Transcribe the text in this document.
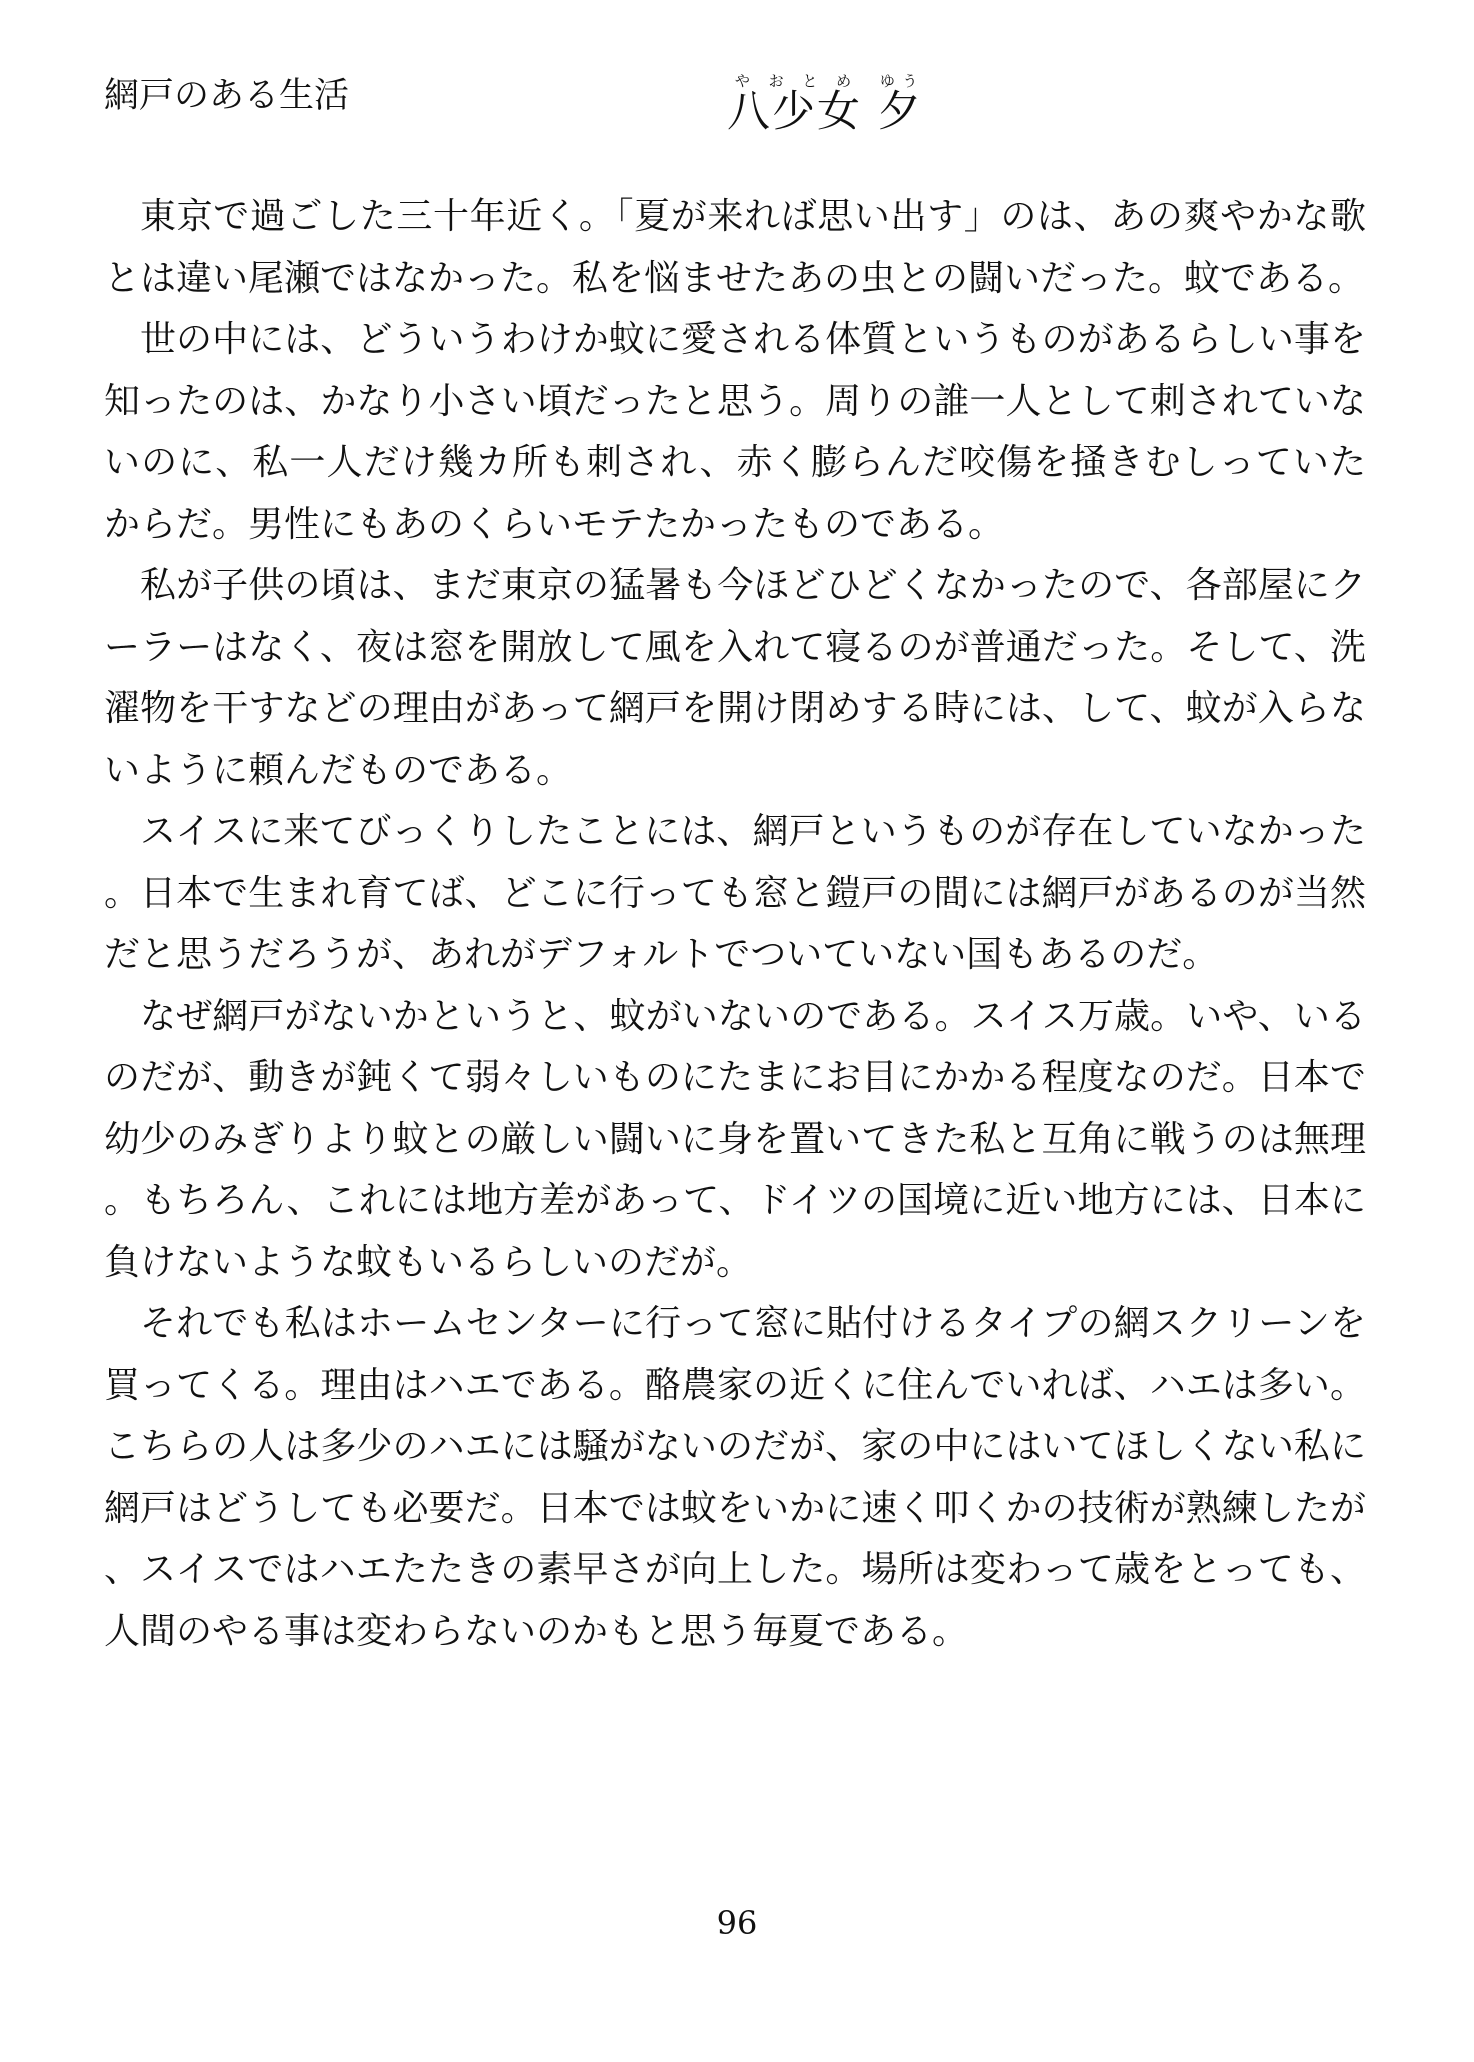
網戸のある生活	八少女やおとめ 夕ゆう

東京で過ごした三十年近く。「夏が来れば思い出す」のは、あの爽やかな歌とは違い尾瀬ではなかった。私を悩ませたあの虫との闘いだった。蚊である。

世の中には、どういうわけか蚊に愛される体質というものがあるらしい事を知ったのは、かなり小さい頃だったと思う。周りの誰一人として刺されていないのに、私一人だけ幾カ所も刺され、赤く膨らんだ咬傷を掻きむしっていたからだ。男性にもあのくらいモテたかったものである。

私が子供の頃は、まだ東京の猛暑も今ほどひどくなかったので、各部屋にクーラーはなく、夜は窓を開放して風を入れて寝るのが普通だった。そして、洗濯物を干すなどの理由があって網戸を開け閉めする時には、して、蚊が入らないように頼んだものである。

スイスに来てびっくりしたことには、網戸というものが存在していなかった。日本で生まれ育てば、どこに行っても窓と鎧戸の間には網戸があるのが当然だと思うだろうが、あれがデフォルトでついていない国もあるのだ。

なぜ網戸がないかというと、蚊がいないのである。スイス万歳。いや、いるのだが、動きが鈍くて弱々しいものにたまにお目にかかる程度なのだ。日本で幼少のみぎりより蚊との厳しい闘いに身を置いてきた私と互角に戦うのは無理。もちろん、これには地方差があって、ドイツの国境に近い地方には、日本に負けないような蚊もいるらしいのだが。

それでも私はホームセンターに行って窓に貼付けるタイプの網スクリーンを買ってくる。理由はハエである。酪農家の近くに住んでいれば、ハエは多い。こちらの人は多少のハエには騒がないのだが、家の中にはいてほしくない私に網戸はどうしても必要だ。日本では蚊をいかに速く叩くかの技術が熟練したが、スイスではハエたたきの素早さが向上した。場所は変わって歳をとっても、人間のやる事は変わらないのかもと思う毎夏である。

96
